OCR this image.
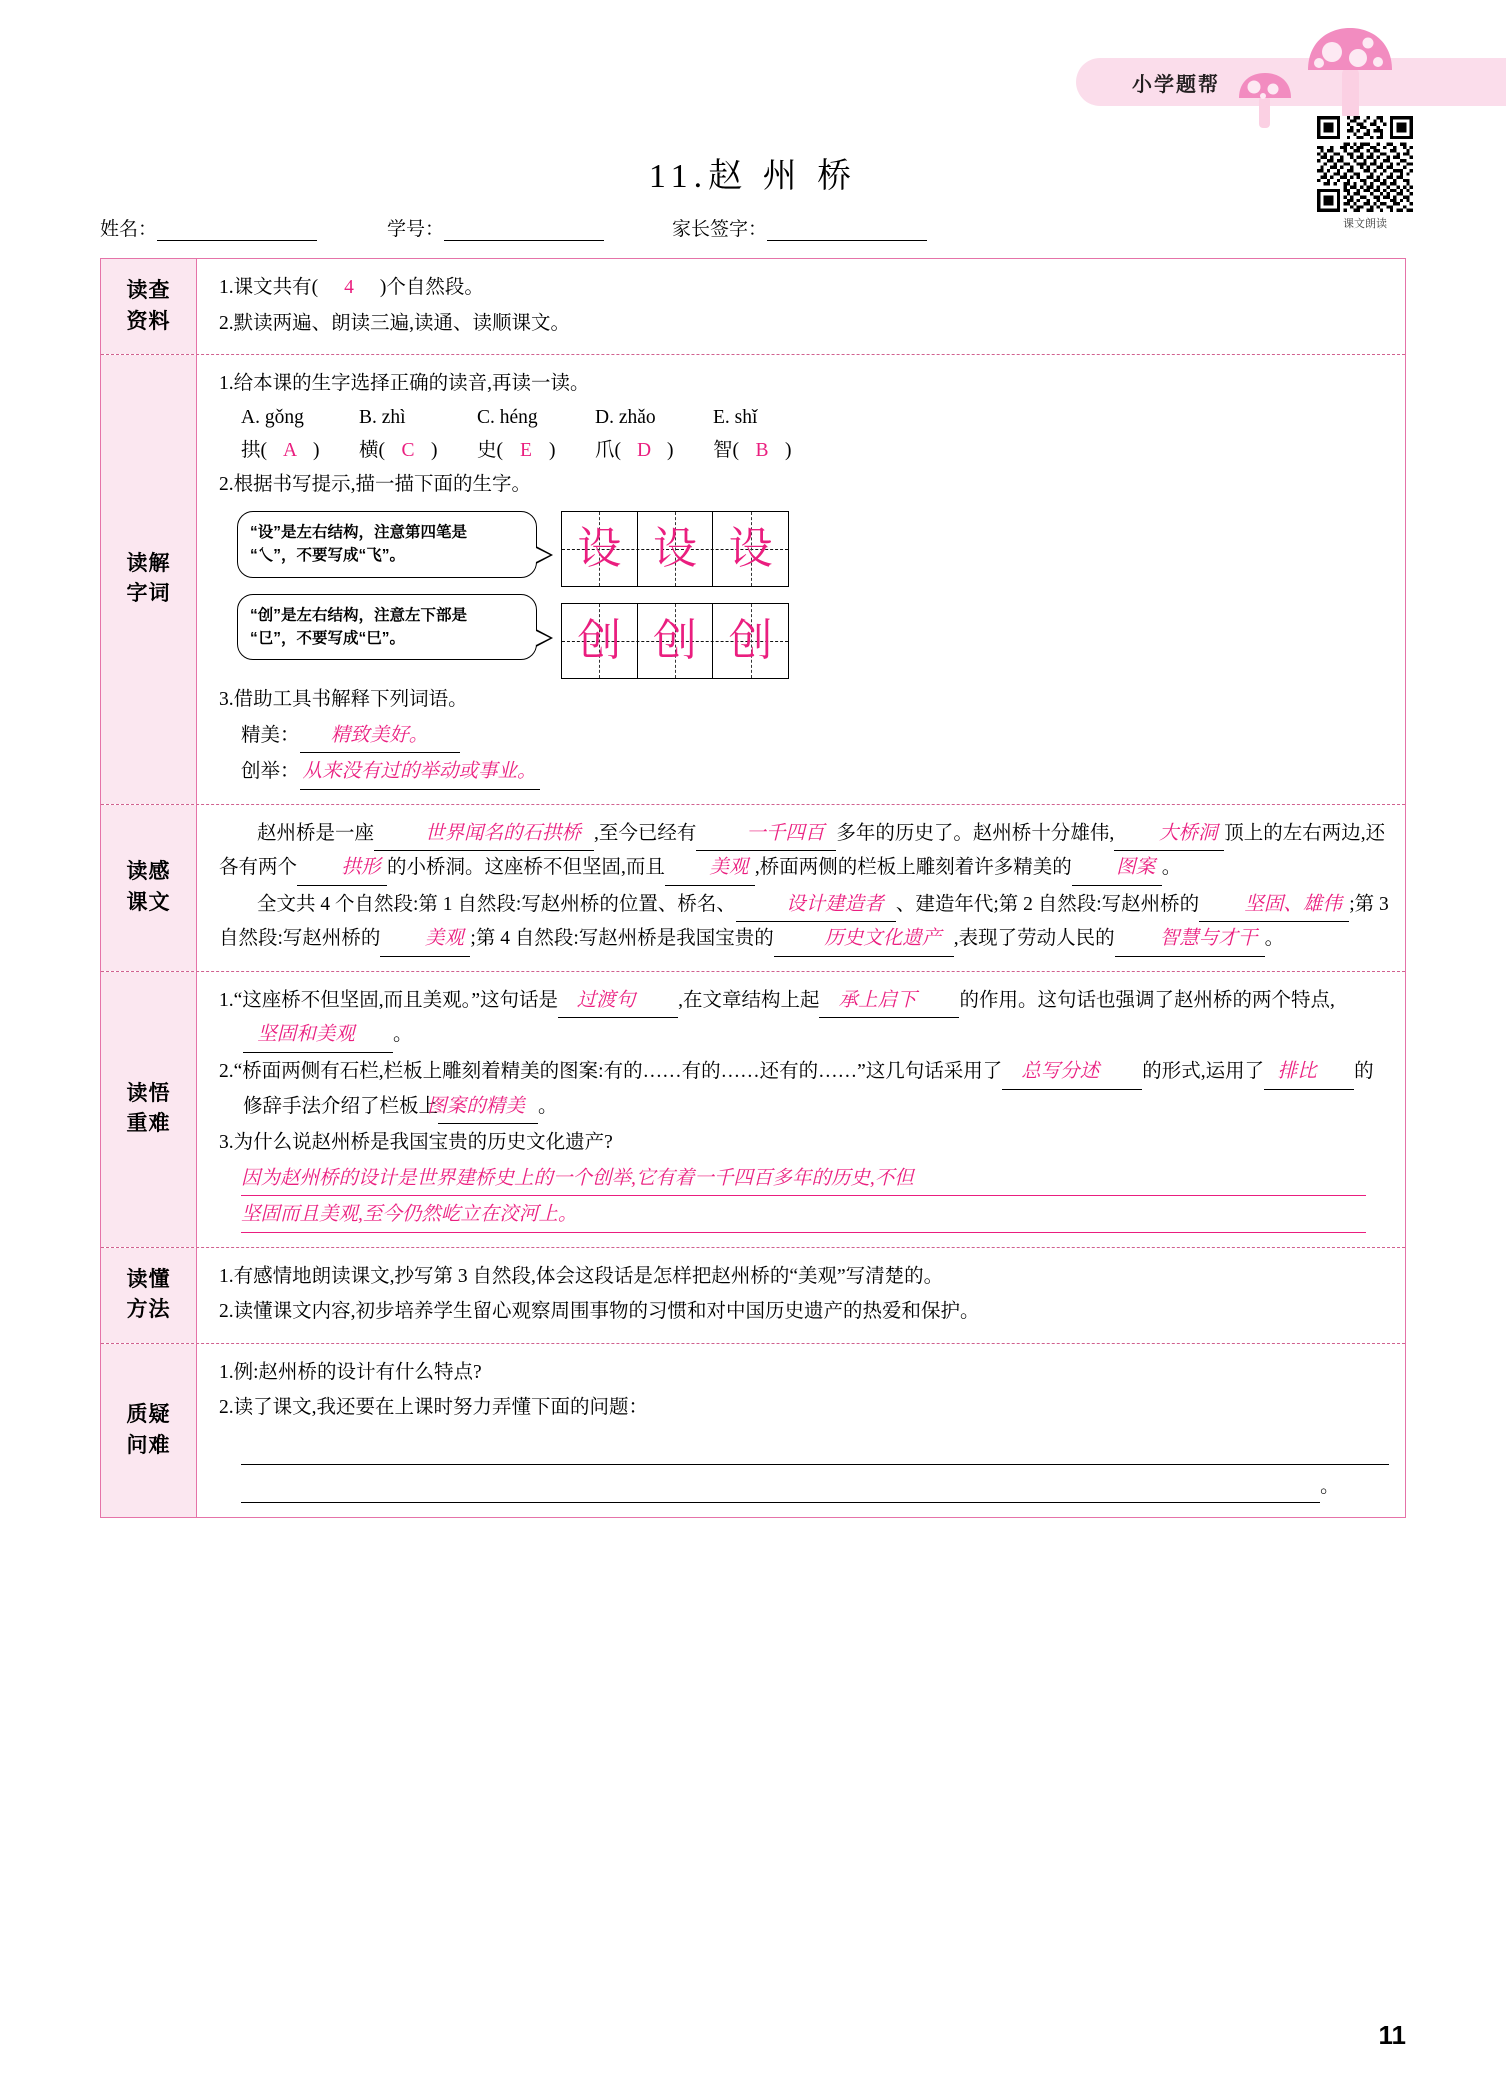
小学题帮
课文朗读
11.赵 州 桥
姓名：	学号：	家长签字：
读查
资料
1.课文共有( 4 )个自然段。
2.默读两遍、朗读三遍,读通、读顺课文。
读解
字词
1.给本课的生字选择正确的读音,再读一读。
A. gǒng	B. zhì	C. héng	D. zhǎo	E. shǐ
拱( A ) 横( C ) 史( E ) 爪( D ) 智( B )
2.根据书写提示,描一描下面的生字。
“设”是左右结构，注意第四笔是
“乀”，不要写成“飞”。
“创”是左右结构，注意左下部是
“㔾”，不要写成“巳”。
设 设 设
创 创 创
3.借助工具书解释下列词语。
精美： 精致美好。
创举： 从来没有过的举动或事业。
读感
课文
赵州桥是一座	世界闻名的石拱桥 ,至今已经有	一千四百 多年的历史了。赵州桥十分雄伟, 大桥洞 顶上的左右两边,还各有两个 拱形 的小桥洞。这座桥不但坚固,而且 美观 ,桥面两侧的栏板上雕刻着许多精美的 图案 。
全文共 4 个自然段:第 1 自然段:写赵州桥的位置、桥名、	设计建造者 、建造年代;第 2 自然段:写赵州桥的 坚固、雄伟 ;第 3 自然段:写赵州桥的 美观 ;第 4 自然段:写赵州桥是我国宝贵的	历史文化遗产 ,表现了劳动人民的 智慧与才干 。
读悟
重难
1.“这座桥不但坚固,而且美观。”这句话是 过渡句 ,在文章结构上起 承上启下 的作用。这句话也强调了赵州桥的两个特点,坚固和美观 。
2.“桥面两侧有石栏,栏板上雕刻着精美的图案:有的……有的……还有的……”这几句话采用了 总写分述 的形式,运用了 排比 的修辞手法介绍了栏板上图案的精美 。
3.为什么说赵州桥是我国宝贵的历史文化遗产?
因为赵州桥的设计是世界建桥史上的一个创举,它有着一千四百多年的历史,不但
坚固而且美观,至今仍然屹立在洨河上。
读懂
方法
1.有感情地朗读课文,抄写第 3 自然段,体会这段话是怎样把赵州桥的“美观”写清楚的。
2.读懂课文内容,初步培养学生留心观察周围事物的习惯和对中国历史遗产的热爱和保护。
质疑
问难
1.例:赵州桥的设计有什么特点?
2.读了课文,我还要在上课时努力弄懂下面的问题：
。
11
